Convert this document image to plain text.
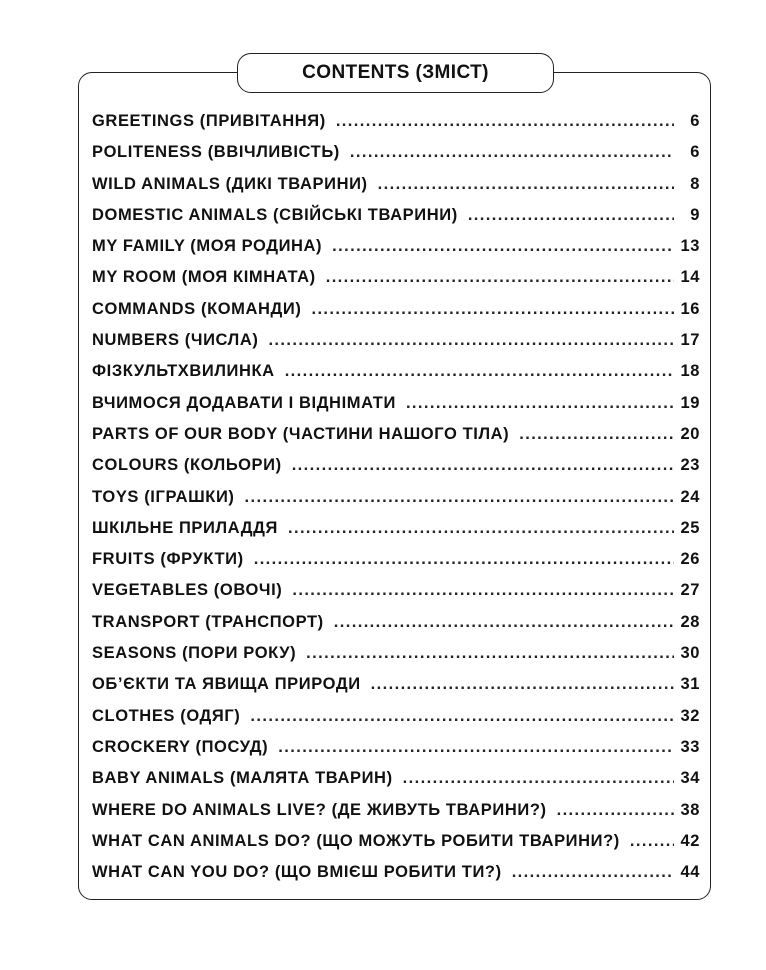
CONTENTS (ЗМІСТ)
GREETINGS (ПРИВІТАННЯ) .....	6
POLITENESS (ВВІЧЛИВІСТЬ) .....	6
WILD ANIMALS (ДИКІ ТВАРИНИ) .....	8
DOMESTIC ANIMALS (СВІЙСЬКІ ТВАРИНИ) .....	9
MY FAMILY (МОЯ РОДИНА) .....	13
MY ROOM (МОЯ КІМНАТА) .....	14
COMMANDS (КОМАНДИ) .....	16
NUMBERS (ЧИСЛА) .....	17
ФІЗКУЛЬТХВИЛИНКА .....	18
ВЧИМОСЯ ДОДАВАТИ І ВІДНІМАТИ .....	19
PARTS OF OUR BODY (ЧАСТИНИ НАШОГО ТІЛА) .....	20
COLOURS (КОЛЬОРИ) .....	23
TOYS (ІГРАШКИ) .....	24
ШКІЛЬНЕ ПРИЛАДДЯ .....	25
FRUITS (ФРУКТИ) .....	26
VEGETABLES (ОВОЧІ) .....	27
TRANSPORT (ТРАНСПОРТ) .....	28
SEASONS (ПОРИ РОКУ) .....	30
ОБ’ЄКТИ ТА ЯВИЩА ПРИРОДИ .....	31
CLOTHES (ОДЯГ) .....	32
CROCKERY (ПОСУД) .....	33
BABY ANIMALS (МАЛЯТА ТВАРИН) .....	34
WHERE DO ANIMALS LIVE? (ДЕ ЖИВУТЬ ТВАРИНИ?) .....	38
WHAT CAN ANIMALS DO? (ЩО МОЖУТЬ РОБИТИ ТВАРИНИ?) .....	42
WHAT CAN YOU DO? (ЩО ВМІЄШ РОБИТИ ТИ?) .....	44
